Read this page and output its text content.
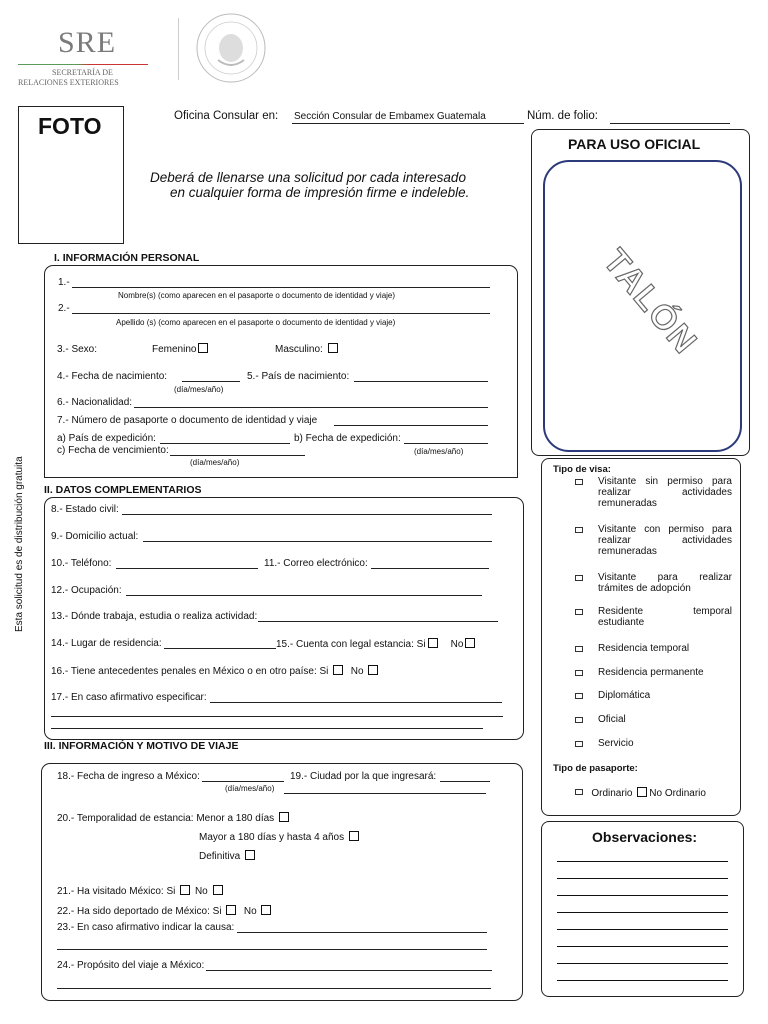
SRE
SECRETARÍA DE
RELACIONES EXTERIORES
FOTO	Oficina Consular en: Sección Consular de Embamex Guatemala	Núm. de folio:
Deberá de llenarse una solicitud por cada interesado
en cualquier forma de impresión firme e indeleble.
Esta solicitud es de distribución gratuita
I. INFORMACIÓN PERSONAL
1.-
Nombre(s) (como aparecen en el pasaporte o documento de identidad y viaje)
2.-
Apellido (s) (como aparecen en el pasaporte o documento de identidad y viaje)
3.- Sexo:	Femenino	Masculino:
4.- Fecha de nacimiento:
(día/mes/año)
5.- País de nacimiento:
6.- Nacionalidad:
7.- Número de pasaporte o documento de identidad y viaje
a) País de expedición:	b) Fecha de expedición:
c) Fecha de vencimiento:	(día/mes/año)
(día/mes/año)
II. DATOS COMPLEMENTARIOS
8.- Estado civil:
9.- Domicilio actual:
10.- Teléfono:	11.- Correo electrónico:
12.- Ocupación:
13.- Dónde trabaja, estudia o realiza actividad:
14.- Lugar de residencia:	15.- Cuenta con legal estancia: Si	No
16.- Tiene antecedentes penales en México o en otro paíse: Si No
17.- En caso afirmativo especificar:
III. INFORMACIÓN Y MOTIVO DE VIAJE
18.- Fecha de ingreso a México:	19.- Ciudad por la que ingresará:
(día/mes/año)
20.- Temporalidad de estancia: Menor a 180 días
Mayor a 180 días y hasta 4 años
Definitiva
21.- Ha visitado México: Si No
22.- Ha sido deportado de México: Si No
23.- En caso afirmativo indicar la causa:
24.- Propósito del viaje a México:
PARA USO OFICIAL
TALÓN
Tipo de visa:
Visitante sin permiso para
realizar actividades
remuneradas
Visitante con permiso para
realizar actividades
remuneradas
Visitante para realizar
trámites de adopción
Residente temporal
estudiante
Residencia temporal
Residencia permanente
Diplomática
Oficial
Servicio
Tipo de pasaporte:
Ordinario No Ordinario
Observaciones:
